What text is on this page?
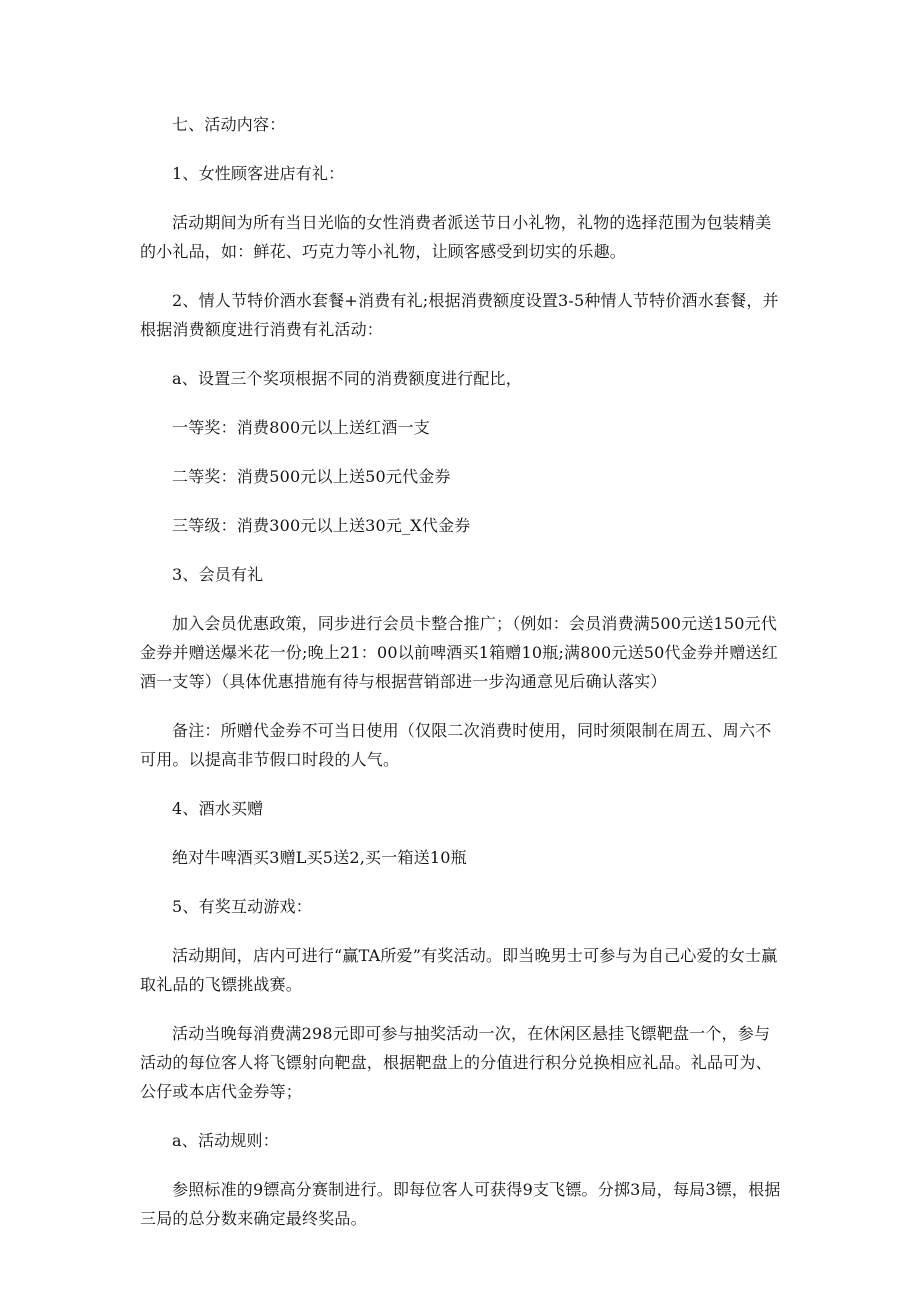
七、活动内容：

1、女性顾客进店有礼：

活动期间为所有当日光临的女性消费者派送节日小礼物，礼物的选择范围为包装精美的小礼品，如：鲜花、巧克力等小礼物，让顾客感受到切实的乐趣。

2、情人节特价酒水套餐+消费有礼;根据消费额度设置3-5种情人节特价酒水套餐，并根据消费额度进行消费有礼活动：

a、设置三个奖项根据不同的消费额度进行配比，

一等奖：消费800元以上送红酒一支

二等奖：消费500元以上送50元代金券

三等级：消费300元以上送30元_X代金券

3、会员有礼

加入会员优惠政策，同步进行会员卡整合推广；（例如：会员消费满500元送150元代金券并赠送爆米花一份;晚上21：00以前啤酒买1箱赠10瓶;满800元送50代金券并赠送红酒一支等）（具体优惠措施有待与根据营销部进一步沟通意见后确认落实）

备注：所赠代金券不可当日使用（仅限二次消费时使用，同时须限制在周五、周六不可用。以提高非节假口时段的人气。

4、酒水买赠

绝对牛啤酒买3赠L买5送2,买一箱送10瓶

5、有奖互动游戏：

活动期间，店内可进行“赢TA所爱”有奖活动。即当晚男士可参与为自己心爱的女士赢取礼品的飞镖挑战赛。

活动当晚每消费满298元即可参与抽奖活动一次，在休闲区悬挂飞镖靶盘一个，参与活动的每位客人将飞镖射向靶盘，根据靶盘上的分值进行积分兑换相应礼品。礼品可为、公仔或本店代金券等；

a、活动规则：

参照标准的9镖高分赛制进行。即每位客人可获得9支飞镖。分掷3局，每局3镖，根据三局的总分数来确定最终奖品。
